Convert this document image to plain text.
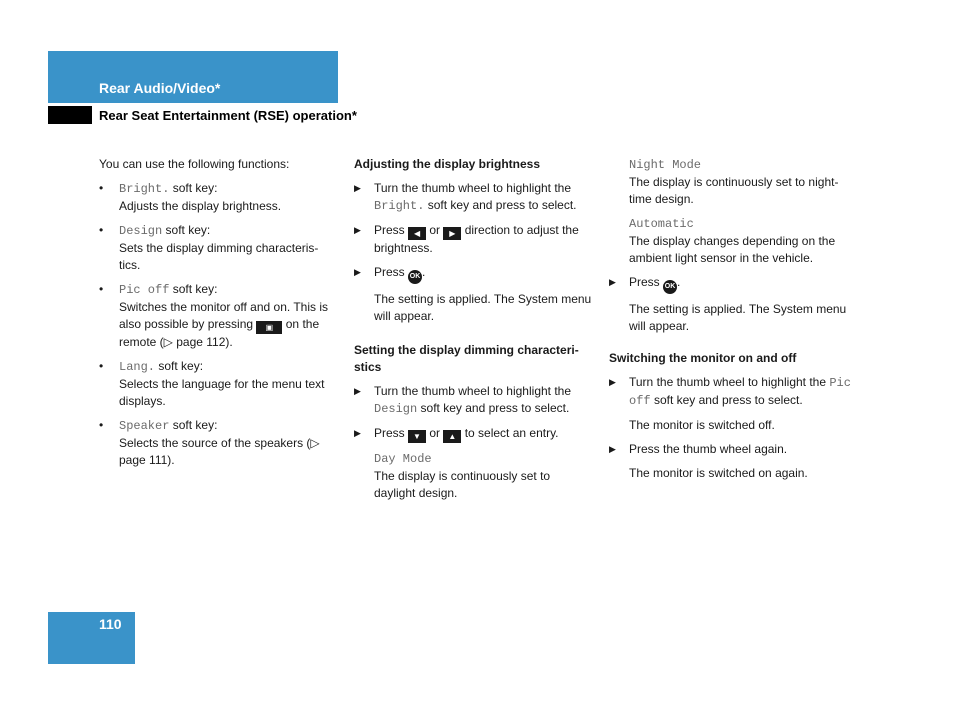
Rear Audio/Video*
Rear Seat Entertainment (RSE) operation*

You can use the following functions:

• Bright. soft key:
Adjusts the display brightness.
• Design soft key:
Sets the display dimming characteris-tics.
• Pic off soft key:
Switches the monitor off and on. This is also possible by pressing ▣ on the remote (▷ page 112).
• Lang. soft key:
Selects the language for the menu text displays.
• Speaker soft key:
Selects the source of the speakers (▷ page 111).

Adjusting the display brightness

▶ Turn the thumb wheel to highlight the Bright. soft key and press to select.
▶ Press ◀ or ▶ direction to adjust the brightness.
▶ Press OK .

The setting is applied. The System menu will appear.

Setting the display dimming characteri-stics

▶ Turn the thumb wheel to highlight the Design soft key and press to select.
▶ Press ▼ or ▲ to select an entry.
Day Mode
The display is continuously set to daylight design.
Night Mode
The display is continuously set to night-time design.
Automatic
The display changes depending on the ambient light sensor in the vehicle.
▶ Press OK .

The setting is applied. The System menu will appear.

Switching the monitor on and off

▶ Turn the thumb wheel to highlight the Pic off soft key and press to select.

The monitor is switched off.

▶ Press the thumb wheel again.

The monitor is switched on again.

110
